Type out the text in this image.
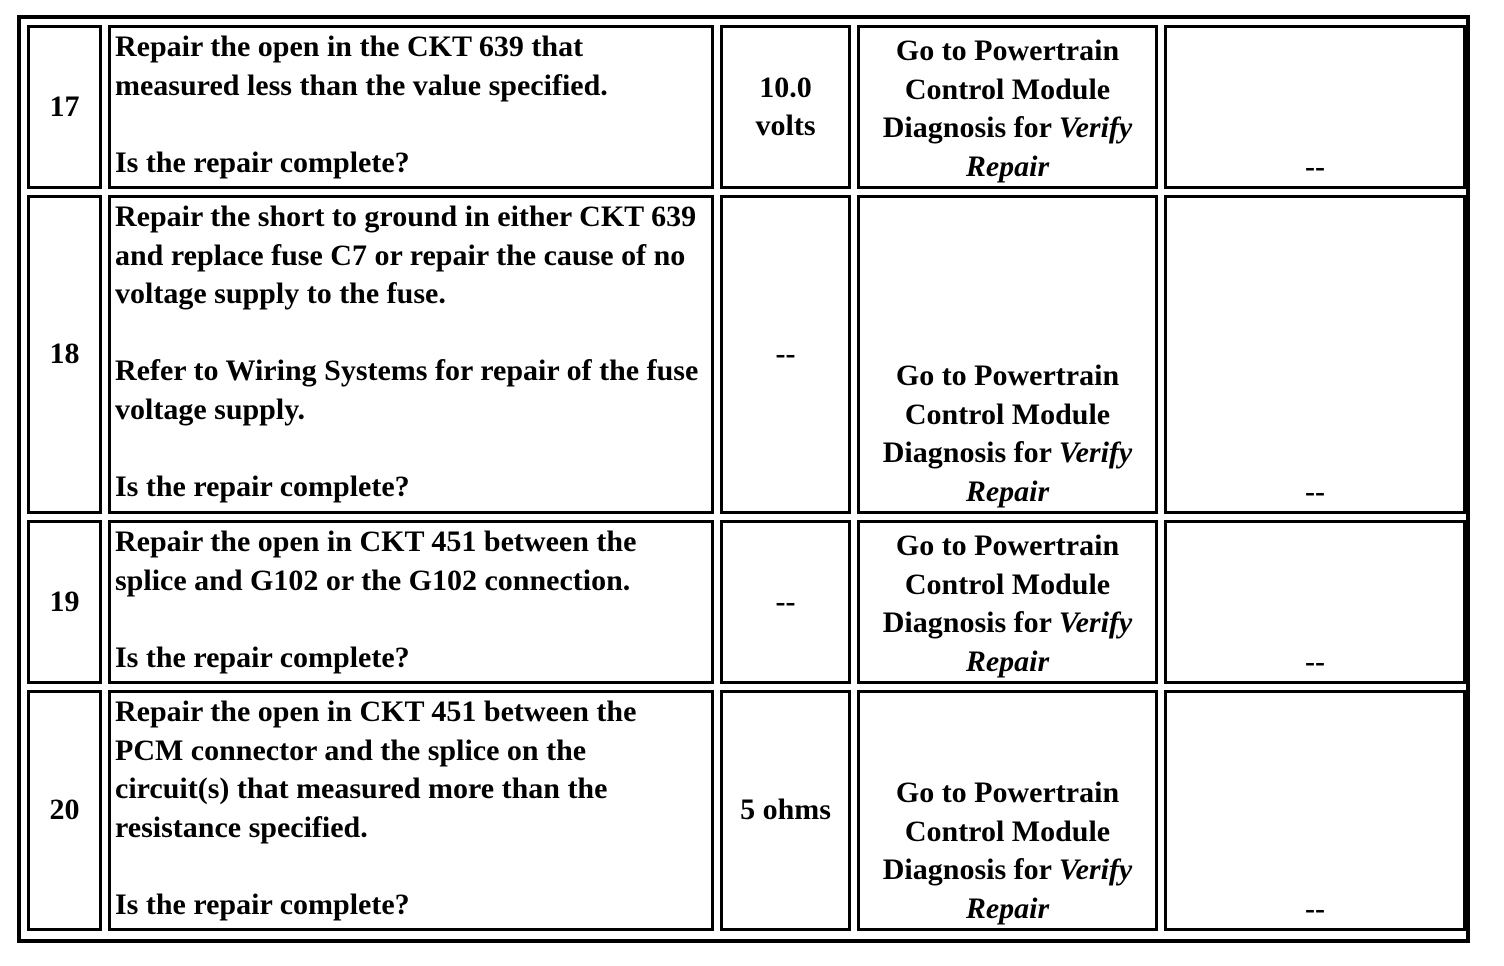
17	Repair the open in the CKT 639 that measured less than the value specified.
Is the repair complete?	10.0 volts	Go to Powertrain Control Module Diagnosis for Verify Repair	--
18	Repair the short to ground in either CKT 639 and replace fuse C7 or repair the cause of no voltage supply to the fuse.
Refer to Wiring Systems for repair of the fuse voltage supply.
Is the repair complete?	--	Go to Powertrain Control Module Diagnosis for Verify Repair	--
19	Repair the open in CKT 451 between the splice and G102 or the G102 connection.
Is the repair complete?	--	Go to Powertrain Control Module Diagnosis for Verify Repair	--
20	Repair the open in CKT 451 between the PCM connector and the splice on the circuit(s) that measured more than the resistance specified.
Is the repair complete?	5 ohms	Go to Powertrain Control Module Diagnosis for Verify Repair	--
